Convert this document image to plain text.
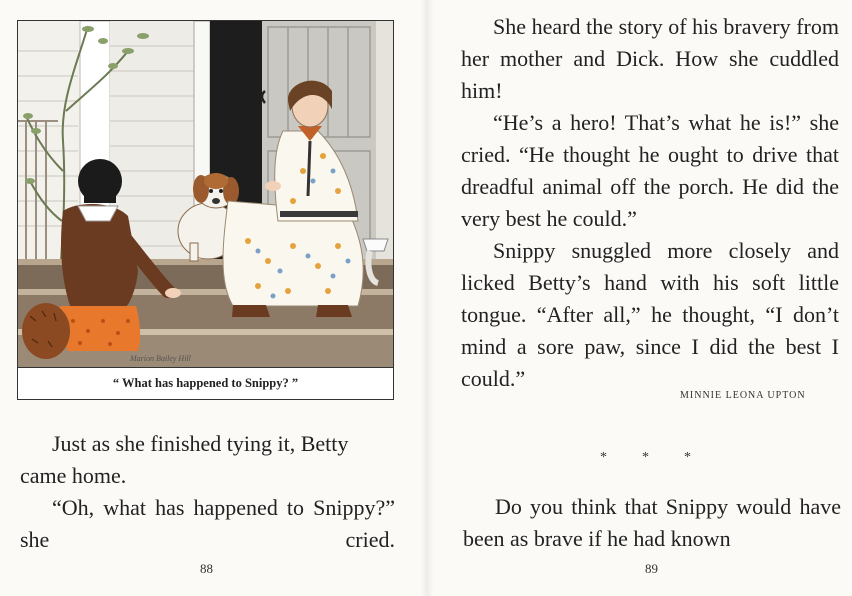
Marion Bailey Hill
“ What has happened to Snippy? ”

Just as she finished tying it, Betty came home.

“Oh, what has happened to Snippy?” she cried.

88

She heard the story of his bravery from her mother and Dick. How she cuddled him!

“He’s a hero! That’s what he is!” she cried. “He thought he ought to drive that dreadful animal off the porch. He did the very best he could.”

Snippy snuggled more closely and licked Betty’s hand with his soft little tongue. “After all,” he thought, “I don’t mind a sore paw, since I did the best I could.”

MINNIE LEONA UPTON
*          *          *

Do you think that Snippy would have been as brave if he had known

89
